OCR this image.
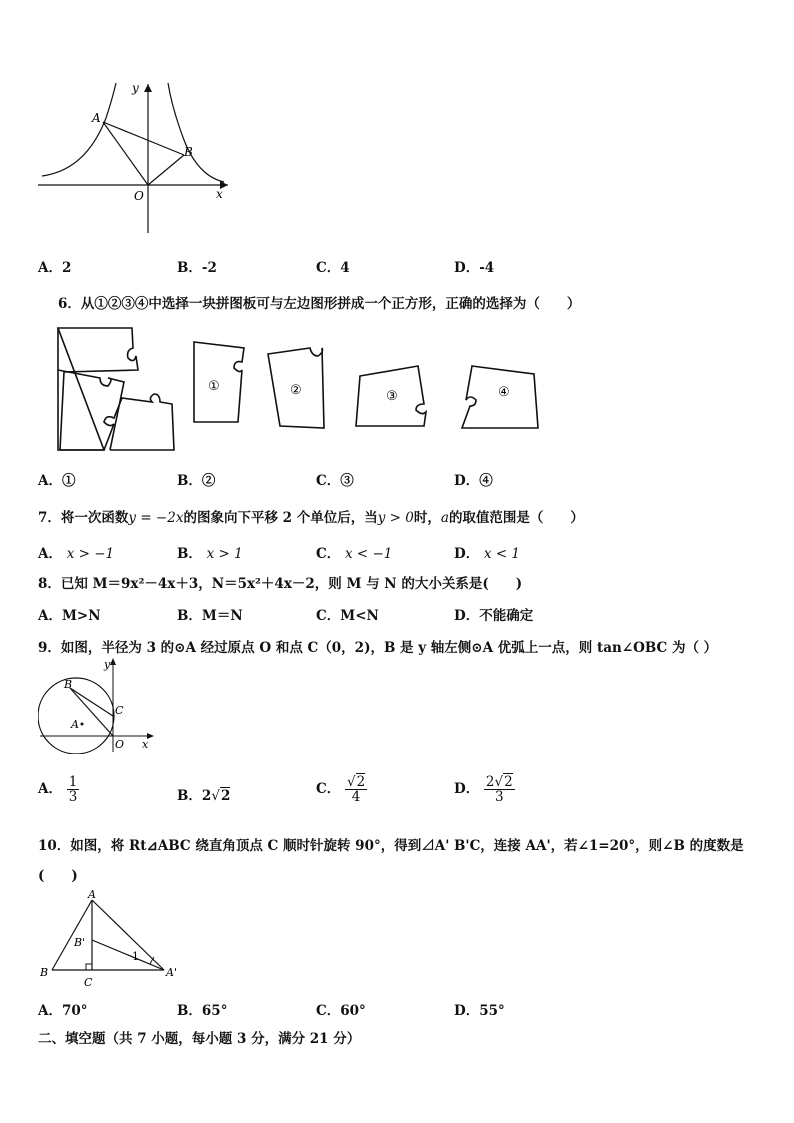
y
x
O
A
B
A．2	B．-2	C．4	D．-4
6．从①②③④中选择一块拼图板可与左边图形拼成一个正方形，正确的选择为（　　）
①	②	③	④
A．①	B．②	C．③	D．④
7．将一次函数y = −2x的图象向下平移 2 个单位后，当y > 0时，a的取值范围是（　　）
A． x > −1	B． x > 1	C． x < −1	D． x < 1
8．已知 M＝9x²－4x＋3，N＝5x²＋4x－2，则 M 与 N 的大小关系是(　　)
A．M>N	B．M＝N	C．M<N	D．不能确定
9．如图，半径为 3 的⊙A 经过原点 O 和点 C（0，2)，B 是 y 轴左侧⊙A 优弧上一点，则 tan∠OBC 为（ ）
y
x
O
B
C
A
A． $\frac{1}{3}$	B．2√2	C． $\frac{√2}{4}$	D． $\frac{2√2}{3}$
10．如图，将 Rt⊿ABC 绕直角顶点 C 顺时针旋转 90°，得到⊿A' B'C，连接 AA'，若∠1=20°，则∠B 的度数是
(　　)
A
B
C
B'
A'
1
A．70°	B．65°	C．60°	D．55°
二、填空题（共 7 小题，每小题 3 分，满分 21 分）
